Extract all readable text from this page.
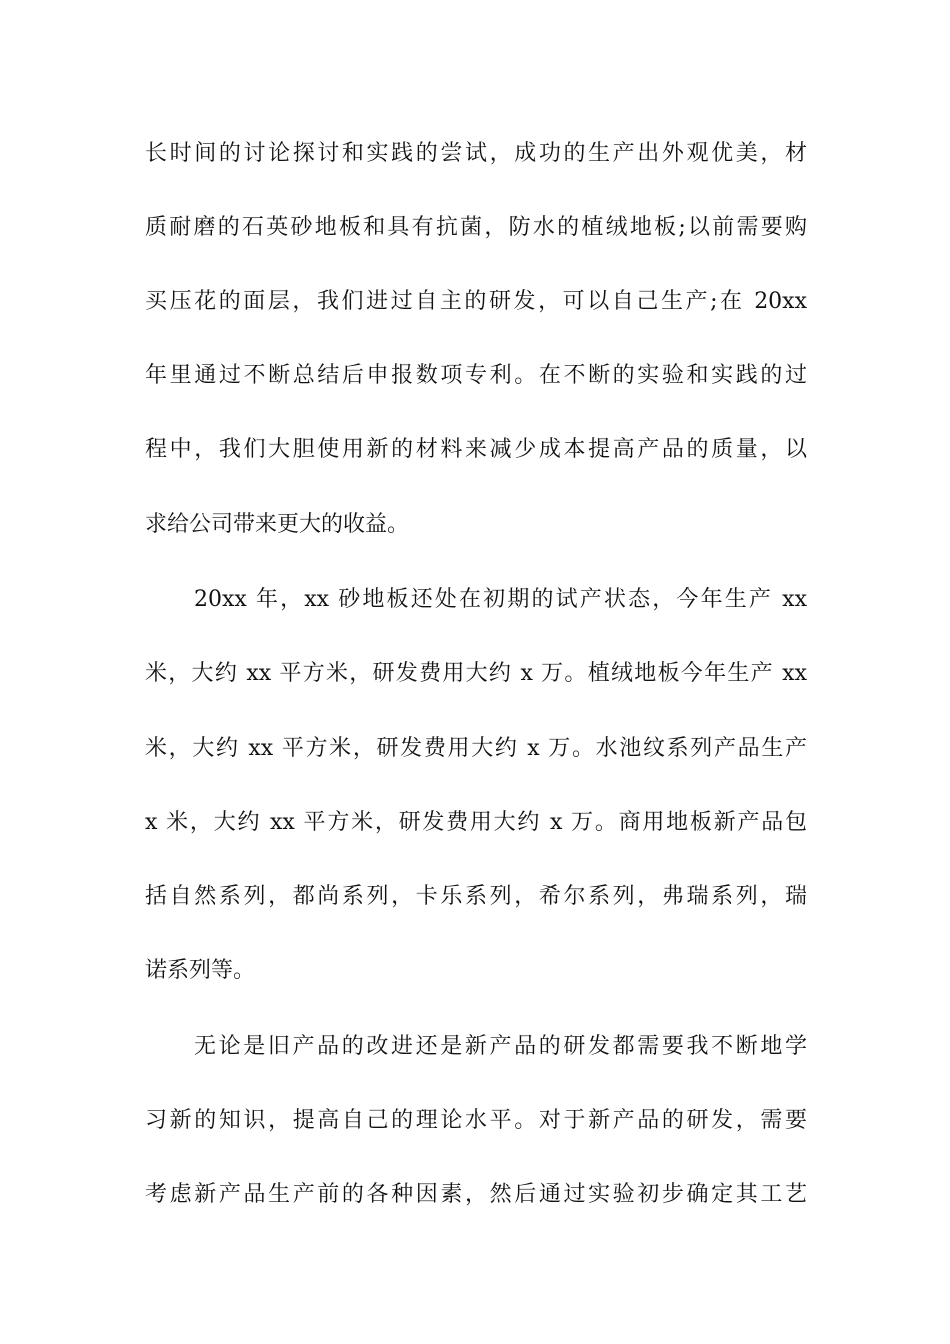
长时间的讨论探讨和实践的尝试，成功的生产出外观优美，材
质耐磨的石英砂地板和具有抗菌，防水的植绒地板;以前需要购
买压花的面层，我们进过自主的研发，可以自己生产;在 20xx
年里通过不断总结后申报数项专利。在不断的实验和实践的过
程中，我们大胆使用新的材料来减少成本提高产品的质量，以
求给公司带来更大的收益。
20xx 年，xx 砂地板还处在初期的试产状态，今年生产 xx
米，大约 xx 平方米，研发费用大约 x 万。植绒地板今年生产 xx
米，大约 xx 平方米，研发费用大约 x 万。水池纹系列产品生产
x 米，大约 xx 平方米，研发费用大约 x 万。商用地板新产品包
括自然系列，都尚系列，卡乐系列，希尔系列，弗瑞系列，瑞
诺系列等。
无论是旧产品的改进还是新产品的研发都需要我不断地学
习新的知识，提高自己的理论水平。对于新产品的研发，需要
考虑新产品生产前的各种因素，然后通过实验初步确定其工艺
